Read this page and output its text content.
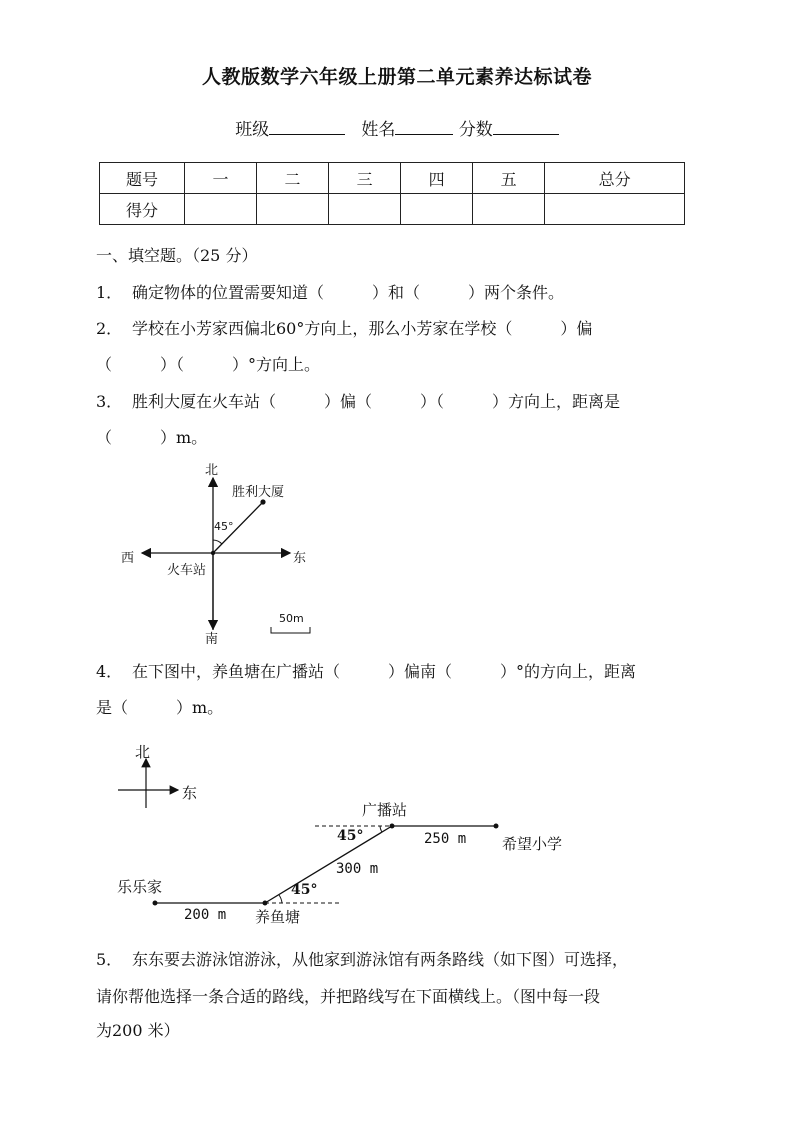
人教版数学六年级上册第二单元素养达标试卷
班级	姓名	分数
题号	一	二	三	四	五	总分
得分						
一、填空题。（25 分）
1． 确定物体的位置需要知道（　　　）和（　　　）两个条件。
2． 学校在小芳家西偏北60°方向上，那么小芳家在学校（　　　）偏
（　　　）（　　　）°方向上。
3． 胜利大厦在火车站（　　　）偏（　　　）（　　　）方向上，距离是
（　　　）m。
北
南
西	东
胜利大厦
火车站
45°
50m
4． 在下图中，养鱼塘在广播站（　　　）偏南（　　　）°的方向上，距离
是（　　　）m。
北
东
广播站
希望小学
乐乐家
养鱼塘
45°
45°
250 m
300 m
200 m
5． 东东要去游泳馆游泳，从他家到游泳馆有两条路线（如下图）可选择，
请你帮他选择一条合适的路线，并把路线写在下面横线上。（图中每一段
为200 米）
